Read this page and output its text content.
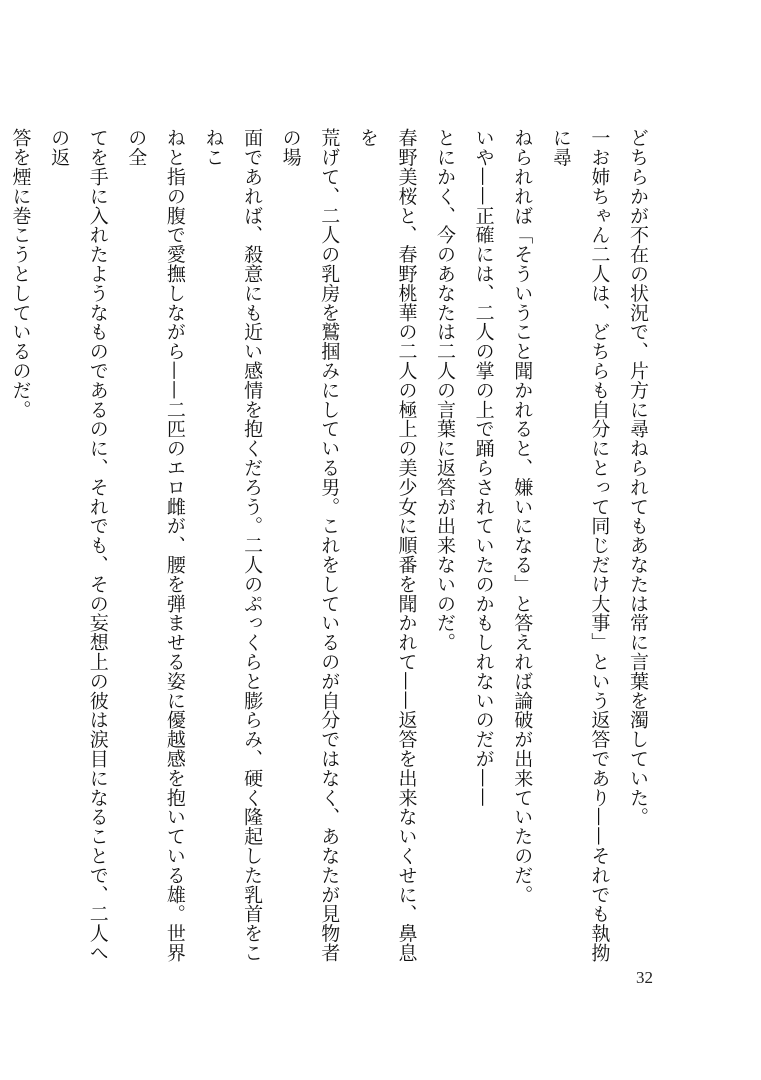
どちらかが不在の状況で、片方に尋ねられてもあなたは常に言葉を濁していた。

一お姉ちゃん二人は、どちらも自分にとって同じだけ大事」という返答であり——それでも執拗に尋

ねられれば「そういうこと聞かれると、嫌いになる」と答えれば論破が出来ていたのだ。

いや——正確には、二人の掌の上で踊らされていたのかもしれないのだが——

とにかく、今のあなたは二人の言葉に返答が出来ないのだ。

春野美桜と、春野桃華の二人の極上の美少女に順番を聞かれて——返答を出来ないくせに、鼻息を

荒げて、二人の乳房を鷲掴みにしている男。これをしているのが自分ではなく、あなたが見物者の場

面であれば、殺意にも近い感情を抱くだろう。二人のぷっくらと膨らみ、硬く隆起した乳首をこねこ

ねと指の腹で愛撫しながら——二匹のエロ雌が、腰を弾ませる姿に優越感を抱いている雄。世界の全

てを手に入れたようなものであるのに、それでも、その妄想上の彼は涙目になることで、二人への返

答を煙に巻こうとしているのだ。

32
